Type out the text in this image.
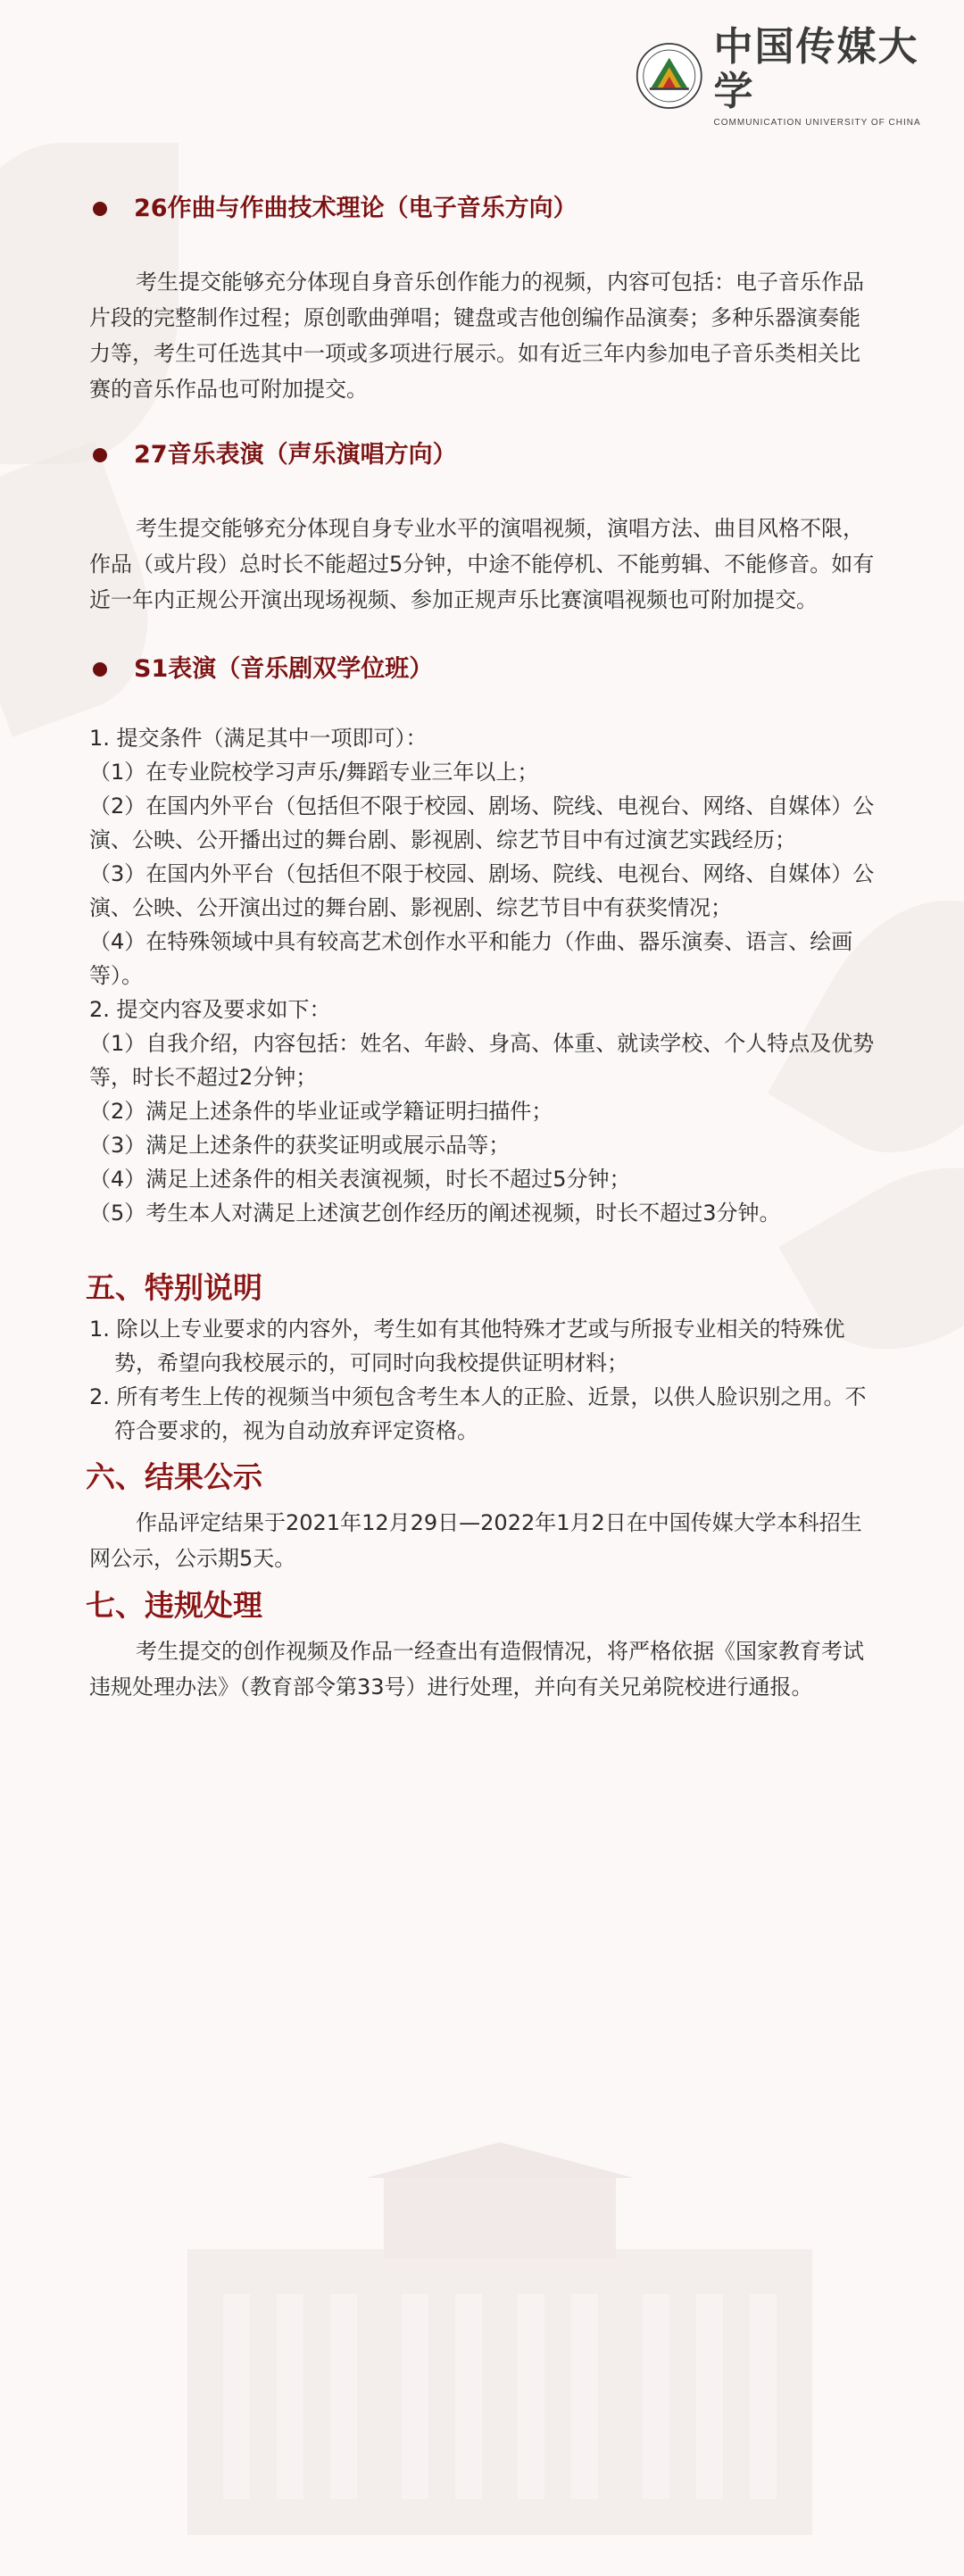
中国传媒大学
COMMUNICATION UNIVERSITY OF CHINA
26作曲与作曲技术理论（电子音乐方向）

考生提交能够充分体现自身音乐创作能力的视频，内容可包括：电子音乐作品片段的完整制作过程；原创歌曲弹唱；键盘或吉他创编作品演奏；多种乐器演奏能力等，考生可任选其中一项或多项进行展示。如有近三年内参加电子音乐类相关比赛的音乐作品也可附加提交。

27音乐表演（声乐演唱方向）

考生提交能够充分体现自身专业水平的演唱视频，演唱方法、曲目风格不限，作品（或片段）总时长不能超过5分钟，中途不能停机、不能剪辑、不能修音。如有近一年内正规公开演出现场视频、参加正规声乐比赛演唱视频也可附加提交。

S1表演（音乐剧双学位班）

1. 提交条件（满足其中一项即可）：

（1）在专业院校学习声乐/舞蹈专业三年以上；

（2）在国内外平台（包括但不限于校园、剧场、院线、电视台、网络、自媒体）公演、公映、公开播出过的舞台剧、影视剧、综艺节目中有过演艺实践经历；

（3）在国内外平台（包括但不限于校园、剧场、院线、电视台、网络、自媒体）公演、公映、公开演出过的舞台剧、影视剧、综艺节目中有获奖情况；

（4）在特殊领域中具有较高艺术创作水平和能力（作曲、器乐演奏、语言、绘画等）。

2. 提交内容及要求如下：

（1）自我介绍，内容包括：姓名、年龄、身高、体重、就读学校、个人特点及优势等，时长不超过2分钟；

（2）满足上述条件的毕业证或学籍证明扫描件；

（3）满足上述条件的获奖证明或展示品等；

（4）满足上述条件的相关表演视频，时长不超过5分钟；

（5）考生本人对满足上述演艺创作经历的阐述视频，时长不超过3分钟。

五、特别说明

1. 除以上专业要求的内容外，考生如有其他特殊才艺或与所报专业相关的特殊优势，希望向我校展示的，可同时向我校提供证明材料；

2. 所有考生上传的视频当中须包含考生本人的正脸、近景，以供人脸识别之用。不符合要求的，视为自动放弃评定资格。

六、结果公示

作品评定结果于2021年12月29日—2022年1月2日在中国传媒大学本科招生网公示，公示期5天。

七、违规处理

考生提交的创作视频及作品一经查出有造假情况，将严格依据《国家教育考试违规处理办法》（教育部令第33号）进行处理，并向有关兄弟院校进行通报。
